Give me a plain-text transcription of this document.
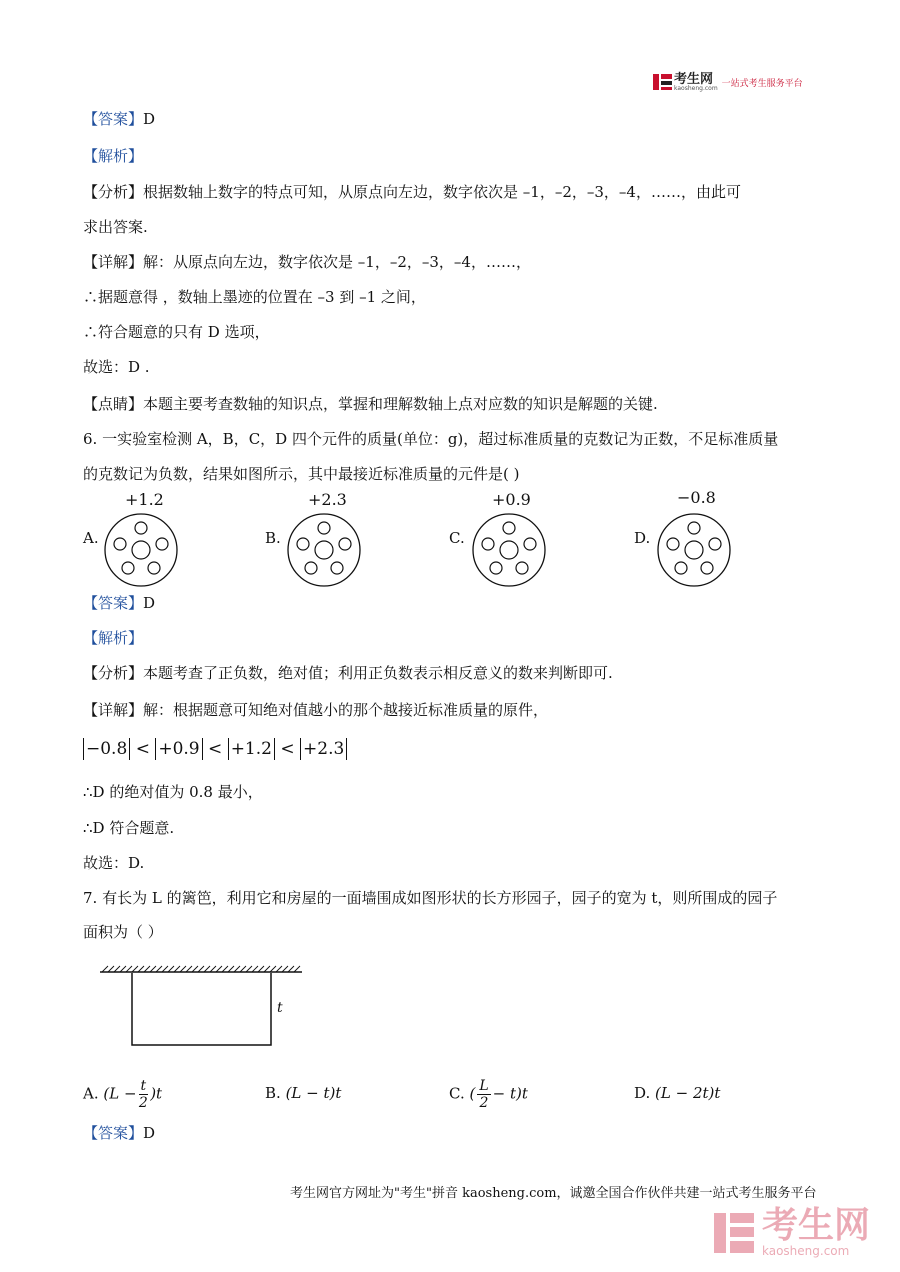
考生网
kaosheng.com 一站式考生服务平台
【答案】D
【解析】
【分析】根据数轴上数字的特点可知，从原点向左边，数字依次是 –1，–2，–3，–4，……，由此可
求出答案.
【详解】解：从原点向左边，数字依次是 –1，–2，–3，–4，……，
∴据题意得 ，数轴上墨迹的位置在 –3 到 –1 之间，
∴符合题意的只有 D 选项，
故选：D .
【点睛】本题主要考查数轴的知识点，掌握和理解数轴上点对应数的知识是解题的关键.
6. 一实验室检测 A，B，C，D 四个元件的质量(单位：g)，超过标准质量的克数记为正数，不足标准质量
的克数记为负数，结果如图所示，其中最接近标准质量的元件是( )
+1.2
A.
+2.3
B.
+0.9
C.
−0.8
D.
【答案】D
【解析】
【分析】本题考查了正负数，绝对值；利用正负数表示相反意义的数来判断即可.
【详解】解：根据题意可知绝对值越小的那个越接近标准质量的原件，
−0.8 < +0.9 < +1.2 < +2.3
∴D 的绝对值为 0.8 最小，
∴D 符合题意.
故选：D.
7. 有长为 L 的篱笆，利用它和房屋的一面墙围成如图形状的长方形园子，园子的宽为 t，则所围成的园子
面积为（ ）
t
A. $(L - \frac{t}{2} )t$	B. (L − t)t	C. ( $\frac{L}{2} - t)t$	D. (L − 2t)t
【答案】D
考生网官方网址为"考生"拼音 kaosheng.com，诚邀全国合作伙伴共建一站式考生服务平台
考生网
kaosheng.com
